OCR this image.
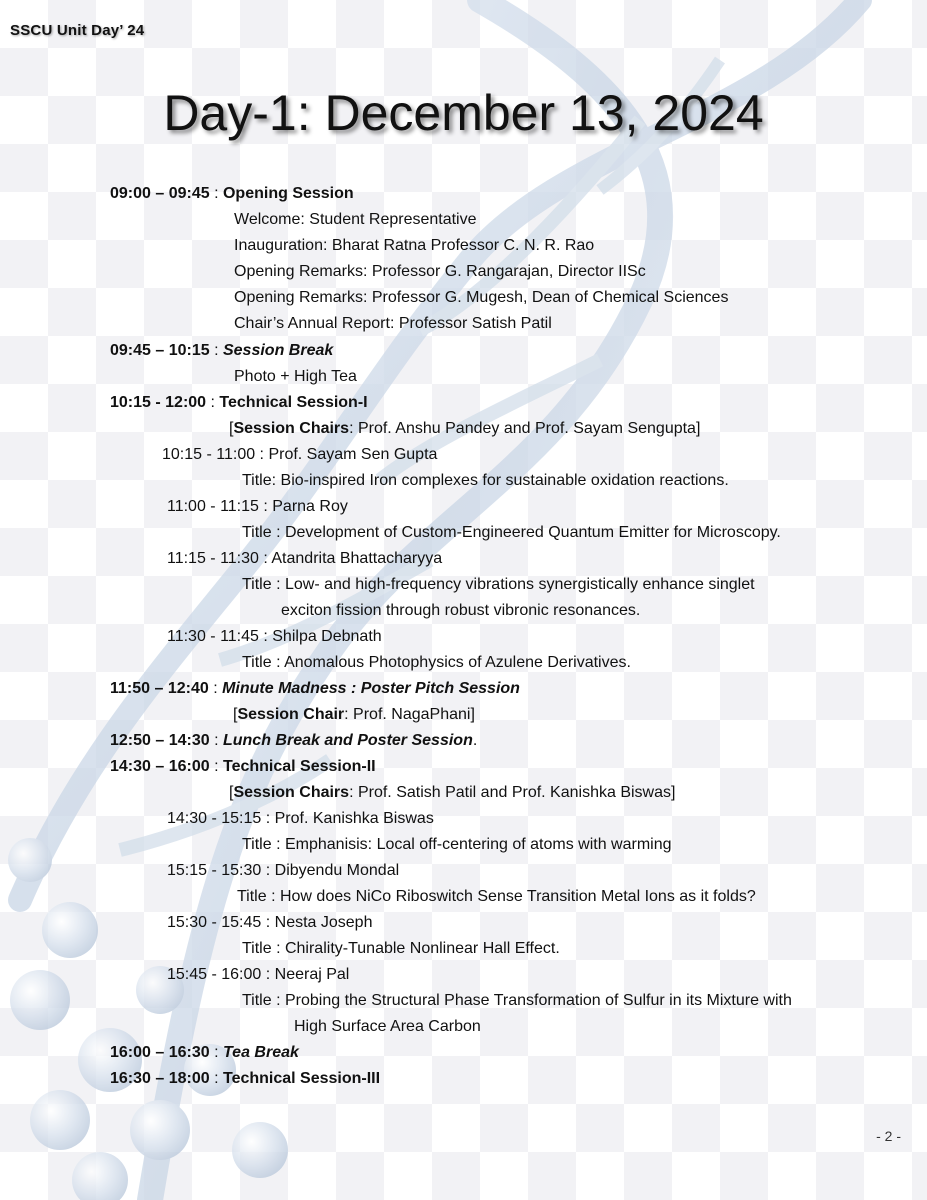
SSCU Unit Day’ 24
Day-1: December 13, 2024
09:00 – 09:45 : Opening Session
Welcome: Student Representative
Inauguration: Bharat Ratna Professor C. N. R. Rao
Opening Remarks: Professor G. Rangarajan, Director IISc
Opening Remarks: Professor G. Mugesh, Dean of Chemical Sciences
Chair’s Annual Report: Professor Satish Patil
09:45 – 10:15 : Session Break
Photo + High Tea
10:15 - 12:00 : Technical Session-I
[Session Chairs: Prof. Anshu Pandey and Prof. Sayam Sengupta]
10:15 - 11:00 : Prof. Sayam Sen Gupta
Title: Bio-inspired Iron complexes for sustainable oxidation reactions.
11:00 - 11:15 : Parna Roy
Title : Development of Custom-Engineered Quantum Emitter for Microscopy.
11:15 - 11:30 : Atandrita Bhattacharyya
Title : Low- and high-frequency vibrations synergistically enhance singlet
exciton fission through robust vibronic resonances.
11:30 - 11:45 : Shilpa Debnath
Title : Anomalous Photophysics of Azulene Derivatives.
11:50 – 12:40 : Minute Madness : Poster Pitch Session
[Session Chair: Prof. NagaPhani]
12:50 – 14:30 : Lunch Break and Poster Session.
14:30 – 16:00 : Technical Session-II
[Session Chairs: Prof. Satish Patil and Prof. Kanishka Biswas]
14:30 - 15:15 : Prof. Kanishka Biswas
Title : Emphanisis: Local off-centering of atoms with warming
15:15 - 15:30 : Dibyendu Mondal
Title : How does NiCo Riboswitch Sense Transition Metal Ions as it folds?
15:30 - 15:45 : Nesta Joseph
Title : Chirality-Tunable Nonlinear Hall Effect.
15:45 - 16:00 : Neeraj Pal
Title : Probing the Structural Phase Transformation of Sulfur in its Mixture with
High Surface Area Carbon
16:00 – 16:30 : Tea Break
16:30 – 18:00 : Technical Session-III
- 2 -
